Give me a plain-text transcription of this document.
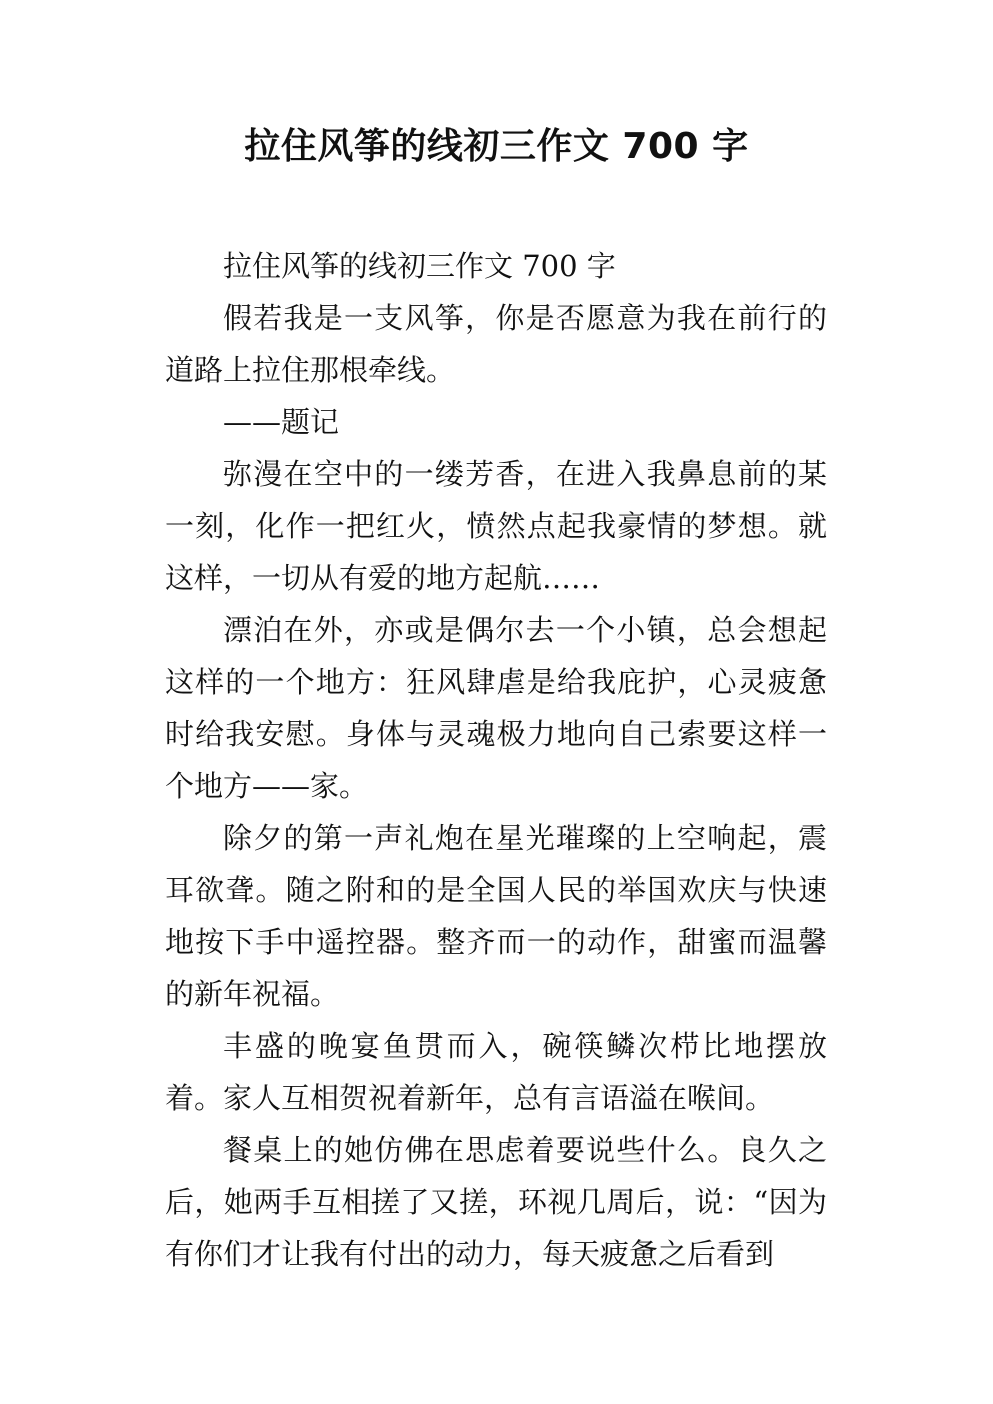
拉住风筝的线初三作文 700 字

拉住风筝的线初三作文 700 字

假若我是一支风筝，你是否愿意为我在前行的道路上拉住那根牵线。

——题记

弥漫在空中的一缕芳香，在进入我鼻息前的某一刻，化作一把红火，愤然点起我豪情的梦想。就这样，一切从有爱的地方起航……

漂泊在外，亦或是偶尔去一个小镇，总会想起这样的一个地方：狂风肆虐是给我庇护，心灵疲惫时给我安慰。身体与灵魂极力地向自己索要这样一个地方——家。

除夕的第一声礼炮在星光璀璨的上空响起，震耳欲聋。随之附和的是全国人民的举国欢庆与快速地按下手中遥控器。整齐而一的动作，甜蜜而温馨的新年祝福。

丰盛的晚宴鱼贯而入，碗筷鳞次栉比地摆放着。家人互相贺祝着新年，总有言语溢在喉间。

餐桌上的她仿佛在思虑着要说些什么。良久之后，她两手互相搓了又搓，环视几周后，说：“因为有你们才让我有付出的动力，每天疲惫之后看到
